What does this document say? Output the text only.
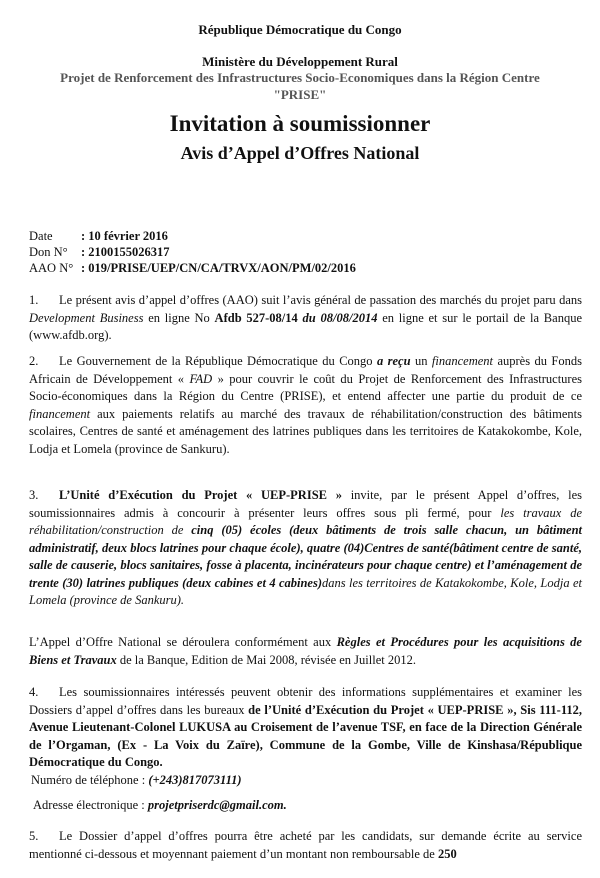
République Démocratique du Congo
Ministère du Développement Rural
Projet de Renforcement des Infrastructures Socio-Economiques dans la Région Centre
"PRISE"
Invitation à soumissionner
Avis d’Appel d’Offres National
Date : 10 février 2016
Don N° : 2100155026317
AAO N° : 019/PRISE/UEP/CN/CA/TRVX/AON/PM/02/2016
1. Le présent avis d’appel d’offres (AAO) suit l’avis général de passation des marchés du projet paru dans Development Business en ligne No Afdb 527-08/14 du 08/08/2014 en ligne et sur le portail de la Banque (www.afdb.org).
2. Le Gouvernement de la République Démocratique du Congo a reçu un financement auprès du Fonds Africain de Développement « FAD » pour couvrir le coût du Projet de Renforcement des Infrastructures Socio-économiques dans la Région du Centre (PRISE), et entend affecter une partie du produit de ce financement aux paiements relatifs au marché des travaux de réhabilitation/construction des bâtiments scolaires, Centres de santé et aménagement des latrines publiques dans les territoires de Katakokombe, Kole, Lodja et Lomela (province de Sankuru).
3. L’Unité d’Exécution du Projet « UEP-PRISE » invite, par le présent Appel d’offres, les soumissionnaires admis à concourir à présenter leurs offres sous pli fermé, pour les travaux de réhabilitation/construction de cinq (05) écoles (deux bâtiments de trois salle chacun, un bâtiment administratif, deux blocs latrines pour chaque école), quatre (04)Centres de santé(bâtiment centre de santé, salle de causerie, blocs sanitaires, fosse à placenta, incinérateurs pour chaque centre) et l’aménagement de trente (30) latrines publiques (deux cabines et 4 cabines)dans les territoires de Katakokombe, Kole, Lodja et Lomela (province de Sankuru).
L’Appel d’Offre National se déroulera conformément aux Règles et Procédures pour les acquisitions de Biens et Travaux de la Banque, Edition de Mai 2008, révisée en Juillet 2012.
4. Les soumissionnaires intéressés peuvent obtenir des informations supplémentaires et examiner les Dossiers d’appel d’offres dans les bureaux de l’Unité d’Exécution du Projet « UEP-PRISE », Sis 111-112, Avenue Lieutenant-Colonel LUKUSA au Croisement de l’avenue TSF, en face de la Direction Générale de l’Orgaman, (Ex - La Voix du Zaïre), Commune de la Gombe, Ville de Kinshasa/République Démocratique du Congo.
Numéro de téléphone : (+243)817073111)
Adresse électronique : projetpriserdc@gmail.com.
5. Le Dossier d’appel d’offres pourra être acheté par les candidats, sur demande écrite au service mentionné ci-dessous et moyennant paiement d’un montant non remboursable de 250
